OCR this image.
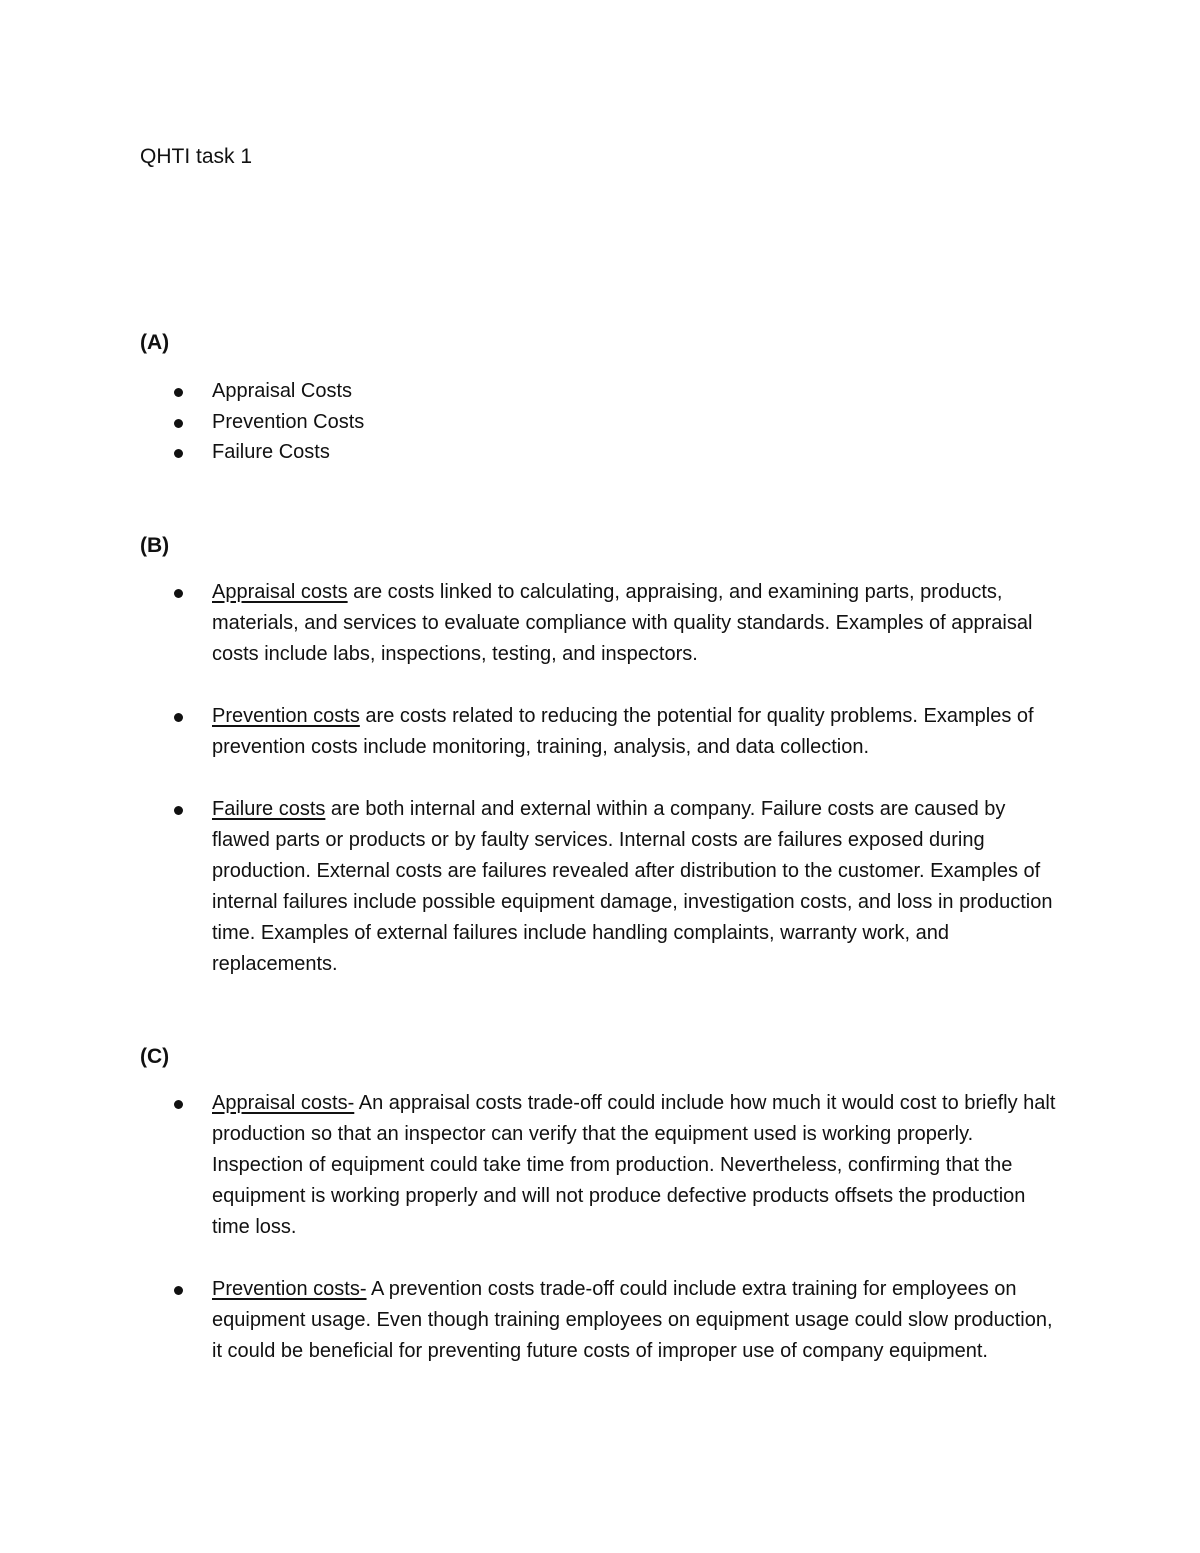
QHTI task 1
(A)
Appraisal Costs
Prevention Costs
Failure Costs
(B)
Appraisal costs are costs linked to calculating, appraising, and examining parts, products, materials, and services to evaluate compliance with quality standards. Examples of appraisal costs include labs, inspections, testing, and inspectors.
Prevention costs are costs related to reducing the potential for quality problems. Examples of prevention costs include monitoring, training, analysis, and data collection.
Failure costs are both internal and external within a company. Failure costs are caused by flawed parts or products or by faulty services. Internal costs are failures exposed during production. External costs are failures revealed after distribution to the customer. Examples of internal failures include possible equipment damage, investigation costs, and loss in production time. Examples of external failures include handling complaints, warranty work, and replacements.
(C)
Appraisal costs- An appraisal costs trade-off could include how much it would cost to briefly halt production so that an inspector can verify that the equipment used is working properly. Inspection of equipment could take time from production. Nevertheless, confirming that the equipment is working properly and will not produce defective products offsets the production time loss.
Prevention costs- A prevention costs trade-off could include extra training for employees on equipment usage. Even though training employees on equipment usage could slow production, it could be beneficial for preventing future costs of improper use of company equipment.
